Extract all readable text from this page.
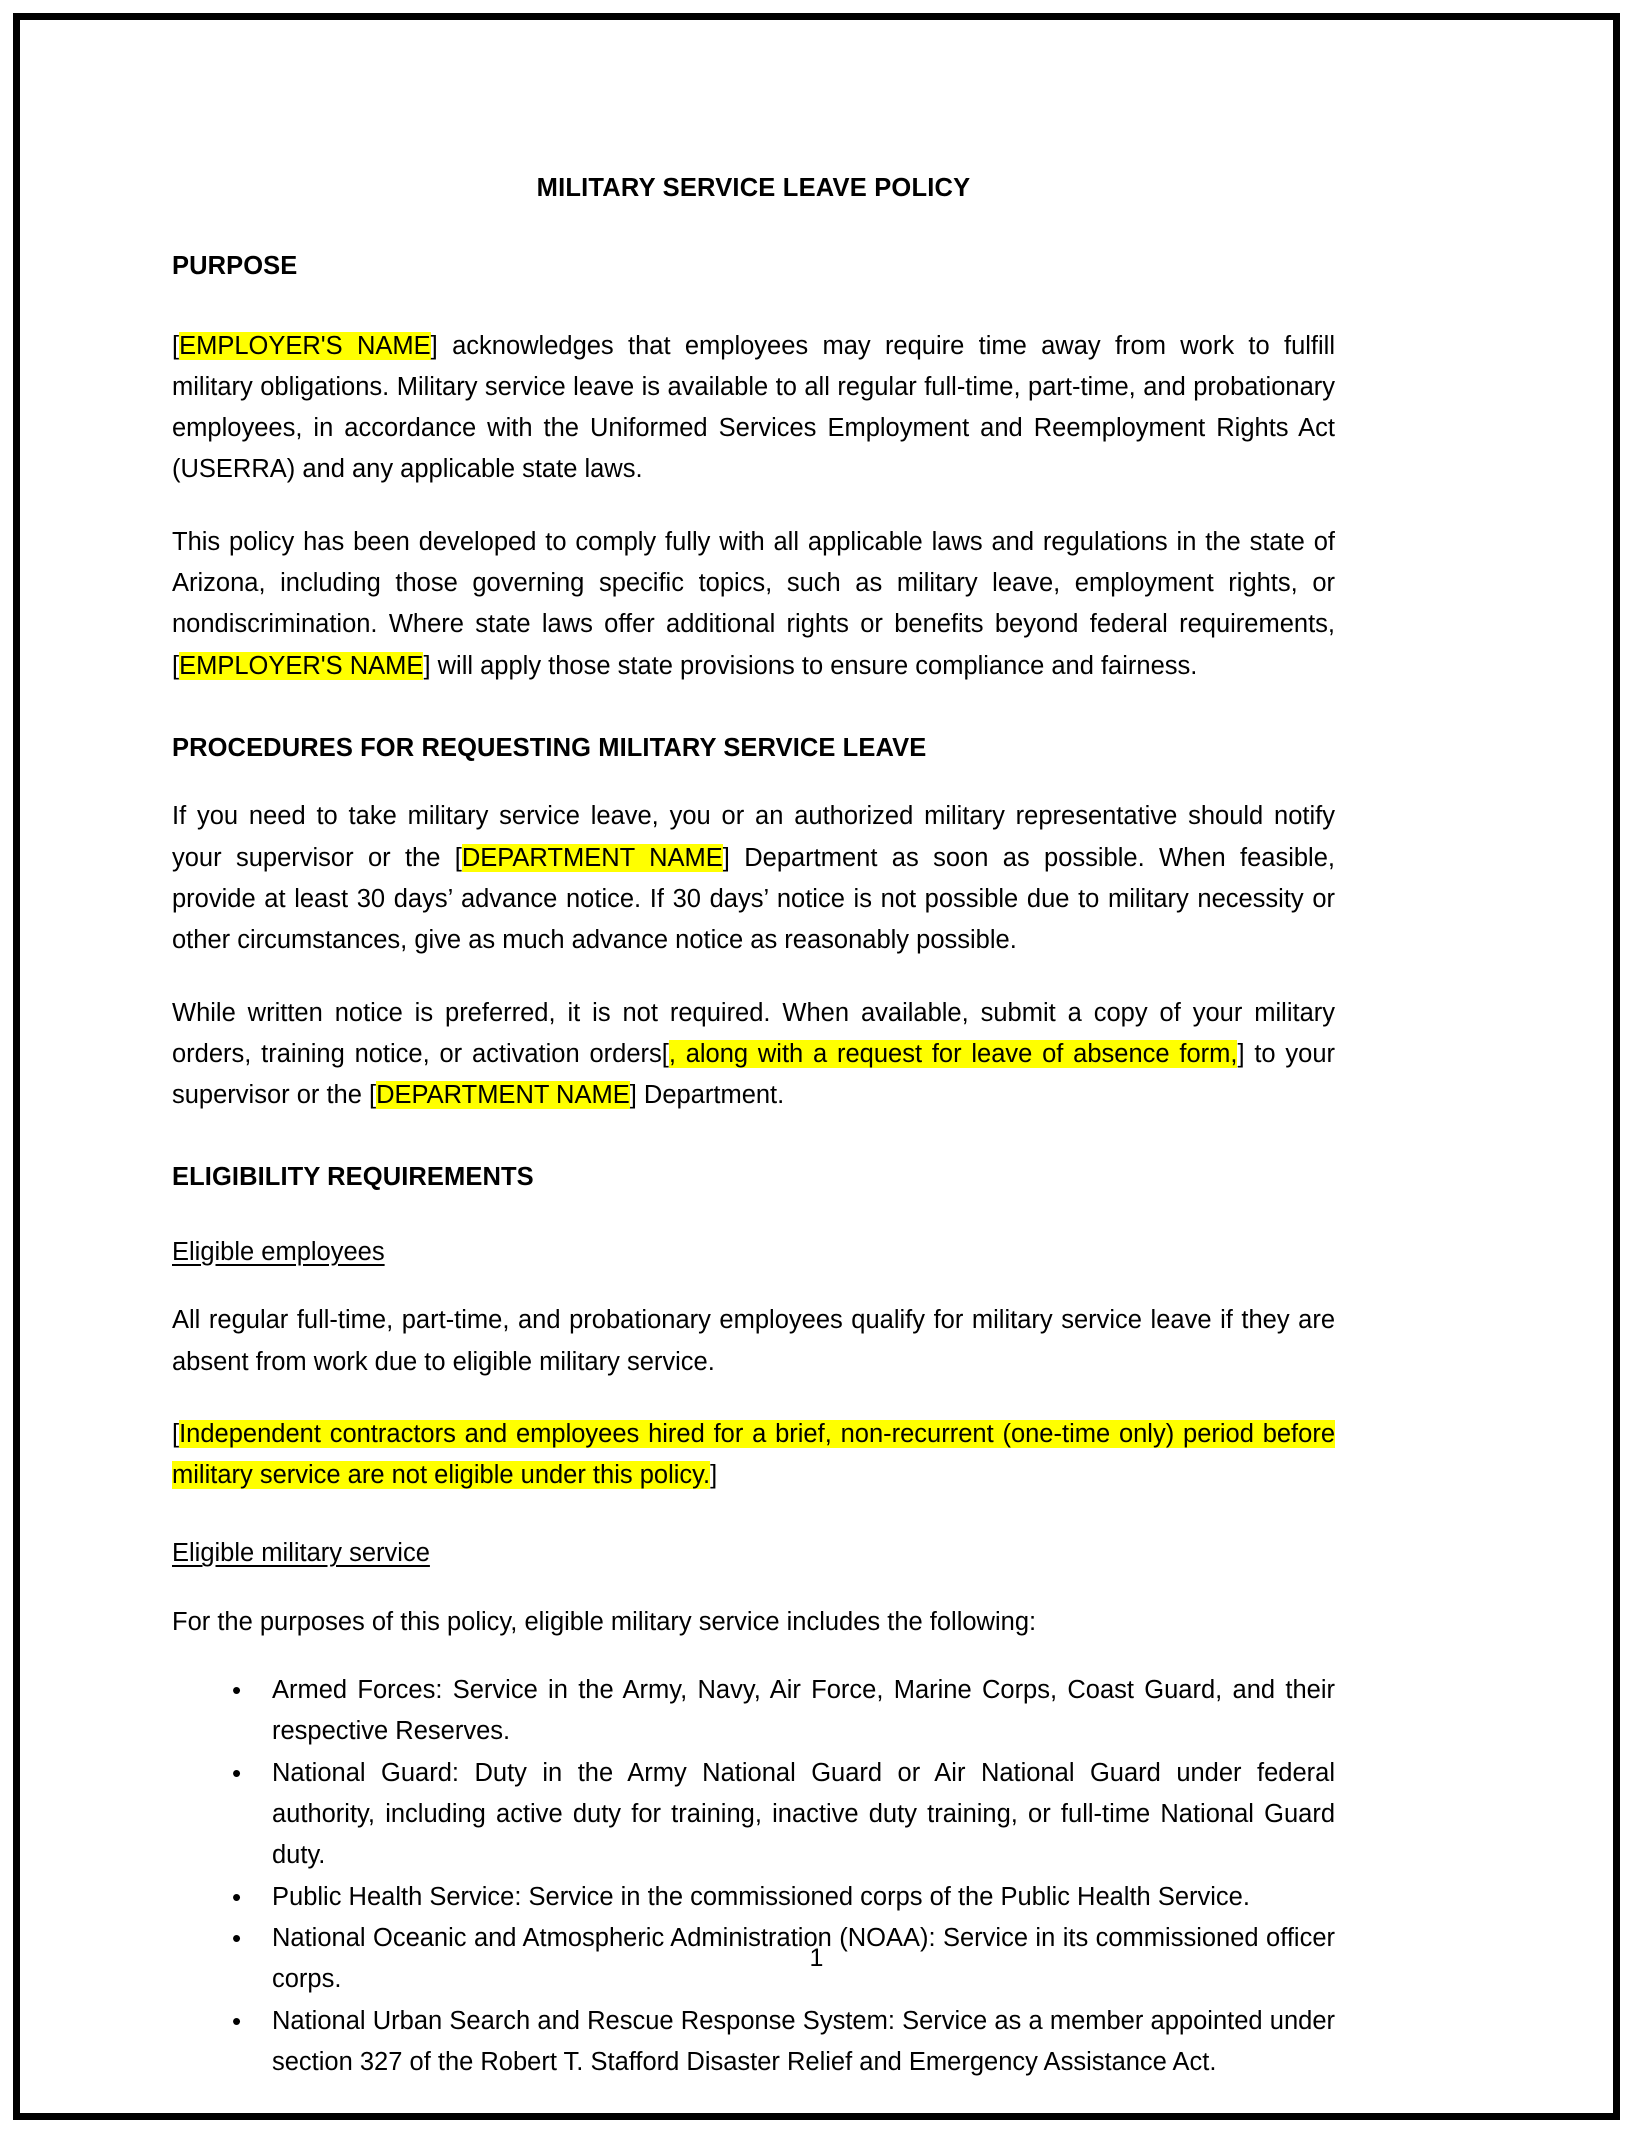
MILITARY SERVICE LEAVE POLICY
PURPOSE

[EMPLOYER'S NAME] acknowledges that employees may require time away from work to fulfill military obligations. Military service leave is available to all regular full-time, part-time, and probationary employees, in accordance with the Uniformed Services Employment and Reemployment Rights Act (USERRA) and any applicable state laws.

This policy has been developed to comply fully with all applicable laws and regulations in the state of Arizona, including those governing specific topics, such as military leave, employment rights, or nondiscrimination. Where state laws offer additional rights or benefits beyond federal requirements, [EMPLOYER'S NAME] will apply those state provisions to ensure compliance and fairness.

PROCEDURES FOR REQUESTING MILITARY SERVICE LEAVE

If you need to take military service leave, you or an authorized military representative should notify your supervisor or the [DEPARTMENT NAME] Department as soon as possible. When feasible, provide at least 30 days’ advance notice. If 30 days’ notice is not possible due to military necessity or other circumstances, give as much advance notice as reasonably possible.

While written notice is preferred, it is not required. When available, submit a copy of your military orders, training notice, or activation orders[, along with a request for leave of absence form,] to your supervisor or the [DEPARTMENT NAME] Department.

ELIGIBILITY REQUIREMENTS
Eligible employees

All regular full-time, part-time, and probationary employees qualify for military service leave if they are absent from work due to eligible military service.

[Independent contractors and employees hired for a brief, non-recurrent (one-time only) period before military service are not eligible under this policy.]

Eligible military service

For the purposes of this policy, eligible military service includes the following:

• Armed Forces: Service in the Army, Navy, Air Force, Marine Corps, Coast Guard, and their respective Reserves.
• National Guard: Duty in the Army National Guard or Air National Guard under federal authority, including active duty for training, inactive duty training, or full-time National Guard duty.
• Public Health Service: Service in the commissioned corps of the Public Health Service.
• National Oceanic and Atmospheric Administration (NOAA): Service in its commissioned officer corps.
• National Urban Search and Rescue Response System: Service as a member appointed under section 327 of the Robert T. Stafford Disaster Relief and Emergency Assistance Act.
1
